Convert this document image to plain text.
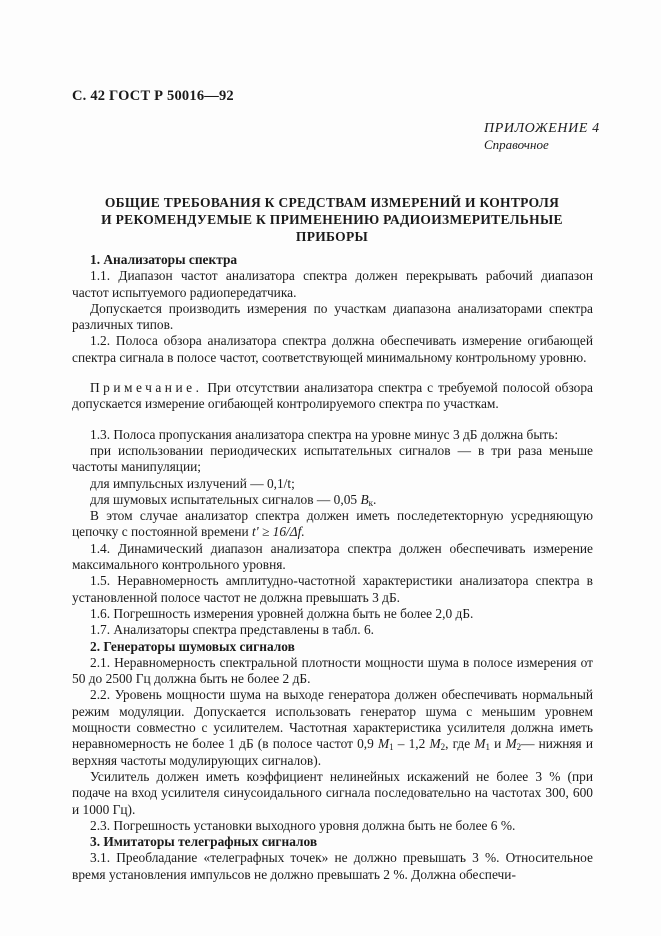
С. 42 ГОСТ Р 50016—92
ПРИЛОЖЕНИЕ 4
Справочное
ОБЩИЕ ТРЕБОВАНИЯ К СРЕДСТВАМ ИЗМЕРЕНИЙ И КОНТРОЛЯ
И РЕКОМЕНДУЕМЫЕ К ПРИМЕНЕНИЮ РАДИОИЗМЕРИТЕЛЬНЫЕ
ПРИБОРЫ

1. Анализаторы спектра

1.1. Диапазон частот анализатора спектра должен перекрывать рабочий диапазон частот испытуемого радиопередатчика.

Допускается производить измерения по участкам диапазона анализаторами спектра различных типов.

1.2. Полоса обзора анализатора спектра должна обеспечивать измерение огибающей спектра сигнала в полосе частот, соответствующей минимальному контрольному уровню.

Примечание. При отсутствии анализатора спектра с требуемой полосой обзора допускается измерение огибающей контролируемого спектра по участкам.

1.3. Полоса пропускания анализатора спектра на уровне минус 3 дБ должна быть:

при использовании периодических испытательных сигналов — в три раза меньше частоты манипуляции;

для импульсных излучений — 0,1/t;

для шумовых испытательных сигналов — 0,05 $B_к$.

В этом случае анализатор спектра должен иметь последетекторную усредняющую цепочку с постоянной времени t' ≥ 16/Δf.

1.4. Динамический диапазон анализатора спектра должен обеспечивать измерение максимального контрольного уровня.

1.5. Неравномерность амплитудно-частотной характеристики анализатора спектра в установленной полосе частот не должна превышать 3 дБ.

1.6. Погрешность измерения уровней должна быть не более 2,0 дБ.

1.7. Анализаторы спектра представлены в табл. 6.

2. Генераторы шумовых сигналов

2.1. Неравномерность спектральной плотности мощности шума в полосе измерения от 50 до 2500 Гц должна быть не более 2 дБ.

2.2. Уровень мощности шума на выходе генератора должен обеспечивать нормальный режим модуляции. Допускается использовать генератор шума с меньшим уровнем мощности совместно с усилителем. Частотная характеристика усилителя должна иметь неравномерность не более 1 дБ (в полосе частот 0,9 $M_1 - 1,2$ $M_2$, где $M_1$ и $M_2—$ нижняя и верхняя частоты модулирующих сигналов).

Усилитель должен иметь коэффициент нелинейных искажений не более 3 % (при подаче на вход усилителя синусоидального сигнала последовательно на частотах 300, 600 и 1000 Гц).

2.3. Погрешность установки выходного уровня должна быть не более 6 %.

3. Имитаторы телеграфных сигналов

3.1. Преобладание «телеграфных точек» не должно превышать 3 %. Относительное время установления импульсов не должно превышать 2 %. Должна обеспечи-
